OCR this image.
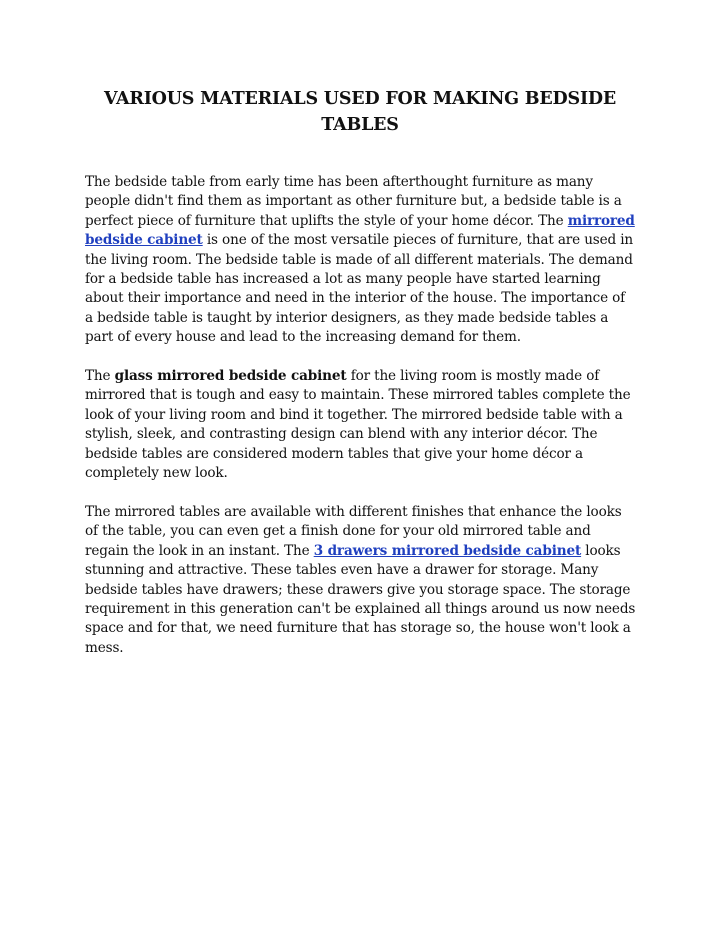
VARIOUS MATERIALS USED FOR MAKING BEDSIDE TABLES

The bedside table from early time has been afterthought furniture as many people didn't find them as important as other furniture but, a bedside table is a perfect piece of furniture that uplifts the style of your home décor. The mirrored bedside cabinet is one of the most versatile pieces of furniture, that are used in the living room. The bedside table is made of all different materials. The demand for a bedside table has increased a lot as many people have started learning about their importance and need in the interior of the house. The importance of a bedside table is taught by interior designers, as they made bedside tables a part of every house and lead to the increasing demand for them.

The glass mirrored bedside cabinet for the living room is mostly made of mirrored that is tough and easy to maintain. These mirrored tables complete the look of your living room and bind it together. The mirrored bedside table with a stylish, sleek, and contrasting design can blend with any interior décor. The bedside tables are considered modern tables that give your home décor a completely new look.

The mirrored tables are available with different finishes that enhance the looks of the table, you can even get a finish done for your old mirrored table and regain the look in an instant. The 3 drawers mirrored bedside cabinet looks stunning and attractive. These tables even have a drawer for storage. Many bedside tables have drawers; these drawers give you storage space. The storage requirement in this generation can't be explained all things around us now needs space and for that, we need furniture that has storage so, the house won't look a mess.
